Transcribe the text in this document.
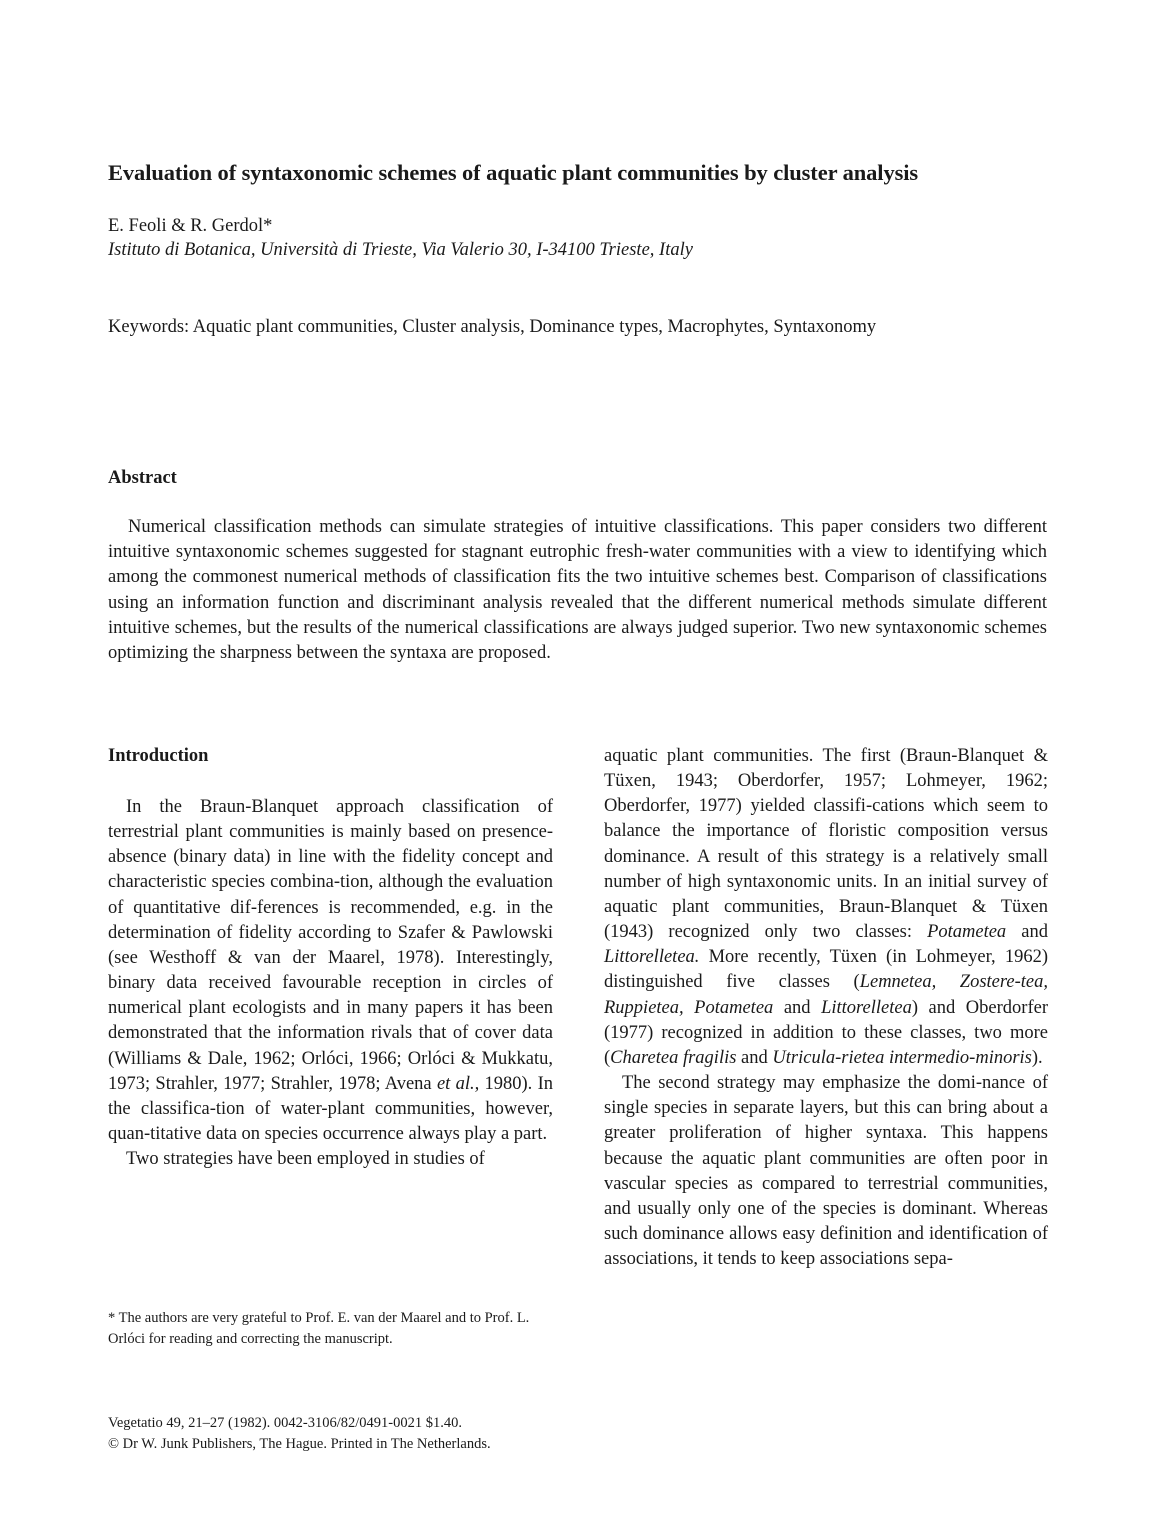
Evaluation of syntaxonomic schemes of aquatic plant communities by cluster analysis
E. Feoli & R. Gerdol*
Istituto di Botanica, Università di Trieste, Via Valerio 30, I-34100 Trieste, Italy
Keywords: Aquatic plant communities, Cluster analysis, Dominance types, Macrophytes, Syntaxonomy
Abstract
Numerical classification methods can simulate strategies of intuitive classifications. This paper considers two different intuitive syntaxonomic schemes suggested for stagnant eutrophic fresh-water communities with a view to identifying which among the commonest numerical methods of classification fits the two intuitive schemes best. Comparison of classifications using an information function and discriminant analysis revealed that the different numerical methods simulate different intuitive schemes, but the results of the numerical classifications are always judged superior. Two new syntaxonomic schemes optimizing the sharpness between the syntaxa are proposed.
Introduction

In the Braun-Blanquet approach classification of terrestrial plant communities is mainly based on presence-absence (binary data) in line with the fidelity concept and characteristic species combina-tion, although the evaluation of quantitative dif-ferences is recommended, e.g. in the determination of fidelity according to Szafer & Pawlowski (see Westhoff & van der Maarel, 1978). Interestingly, binary data received favourable reception in circles of numerical plant ecologists and in many papers it has been demonstrated that the information rivals that of cover data (Williams & Dale, 1962; Orlóci, 1966; Orlóci & Mukkatu, 1973; Strahler, 1977; Strahler, 1978; Avena et al., 1980). In the classifica-tion of water-plant communities, however, quan-titative data on species occurrence always play a part.

Two strategies have been employed in studies of

aquatic plant communities. The first (Braun-Blanquet & Tüxen, 1943; Oberdorfer, 1957; Lohmeyer, 1962; Oberdorfer, 1977) yielded classifi-cations which seem to balance the importance of floristic composition versus dominance. A result of this strategy is a relatively small number of high syntaxonomic units. In an initial survey of aquatic plant communities, Braun-Blanquet & Tüxen (1943) recognized only two classes: Potametea and Littorelletea. More recently, Tüxen (in Lohmeyer, 1962) distinguished five classes (Lemnetea, Zostere-tea, Ruppietea, Potametea and Littorelletea) and Oberdorfer (1977) recognized in addition to these classes, two more (Charetea fragilis and Utricula-rietea intermedio-minoris).

The second strategy may emphasize the domi-nance of single species in separate layers, but this can bring about a greater proliferation of higher syntaxa. This happens because the aquatic plant communities are often poor in vascular species as compared to terrestrial communities, and usually only one of the species is dominant. Whereas such dominance allows easy definition and identification of associations, it tends to keep associations sepa-

* The authors are very grateful to Prof. E. van der Maarel and to Prof. L. Orlóci for reading and correcting the manuscript.
Vegetatio 49, 21–27 (1982). 0042-3106/82/0491-0021 $1.40.
© Dr W. Junk Publishers, The Hague. Printed in The Netherlands.
